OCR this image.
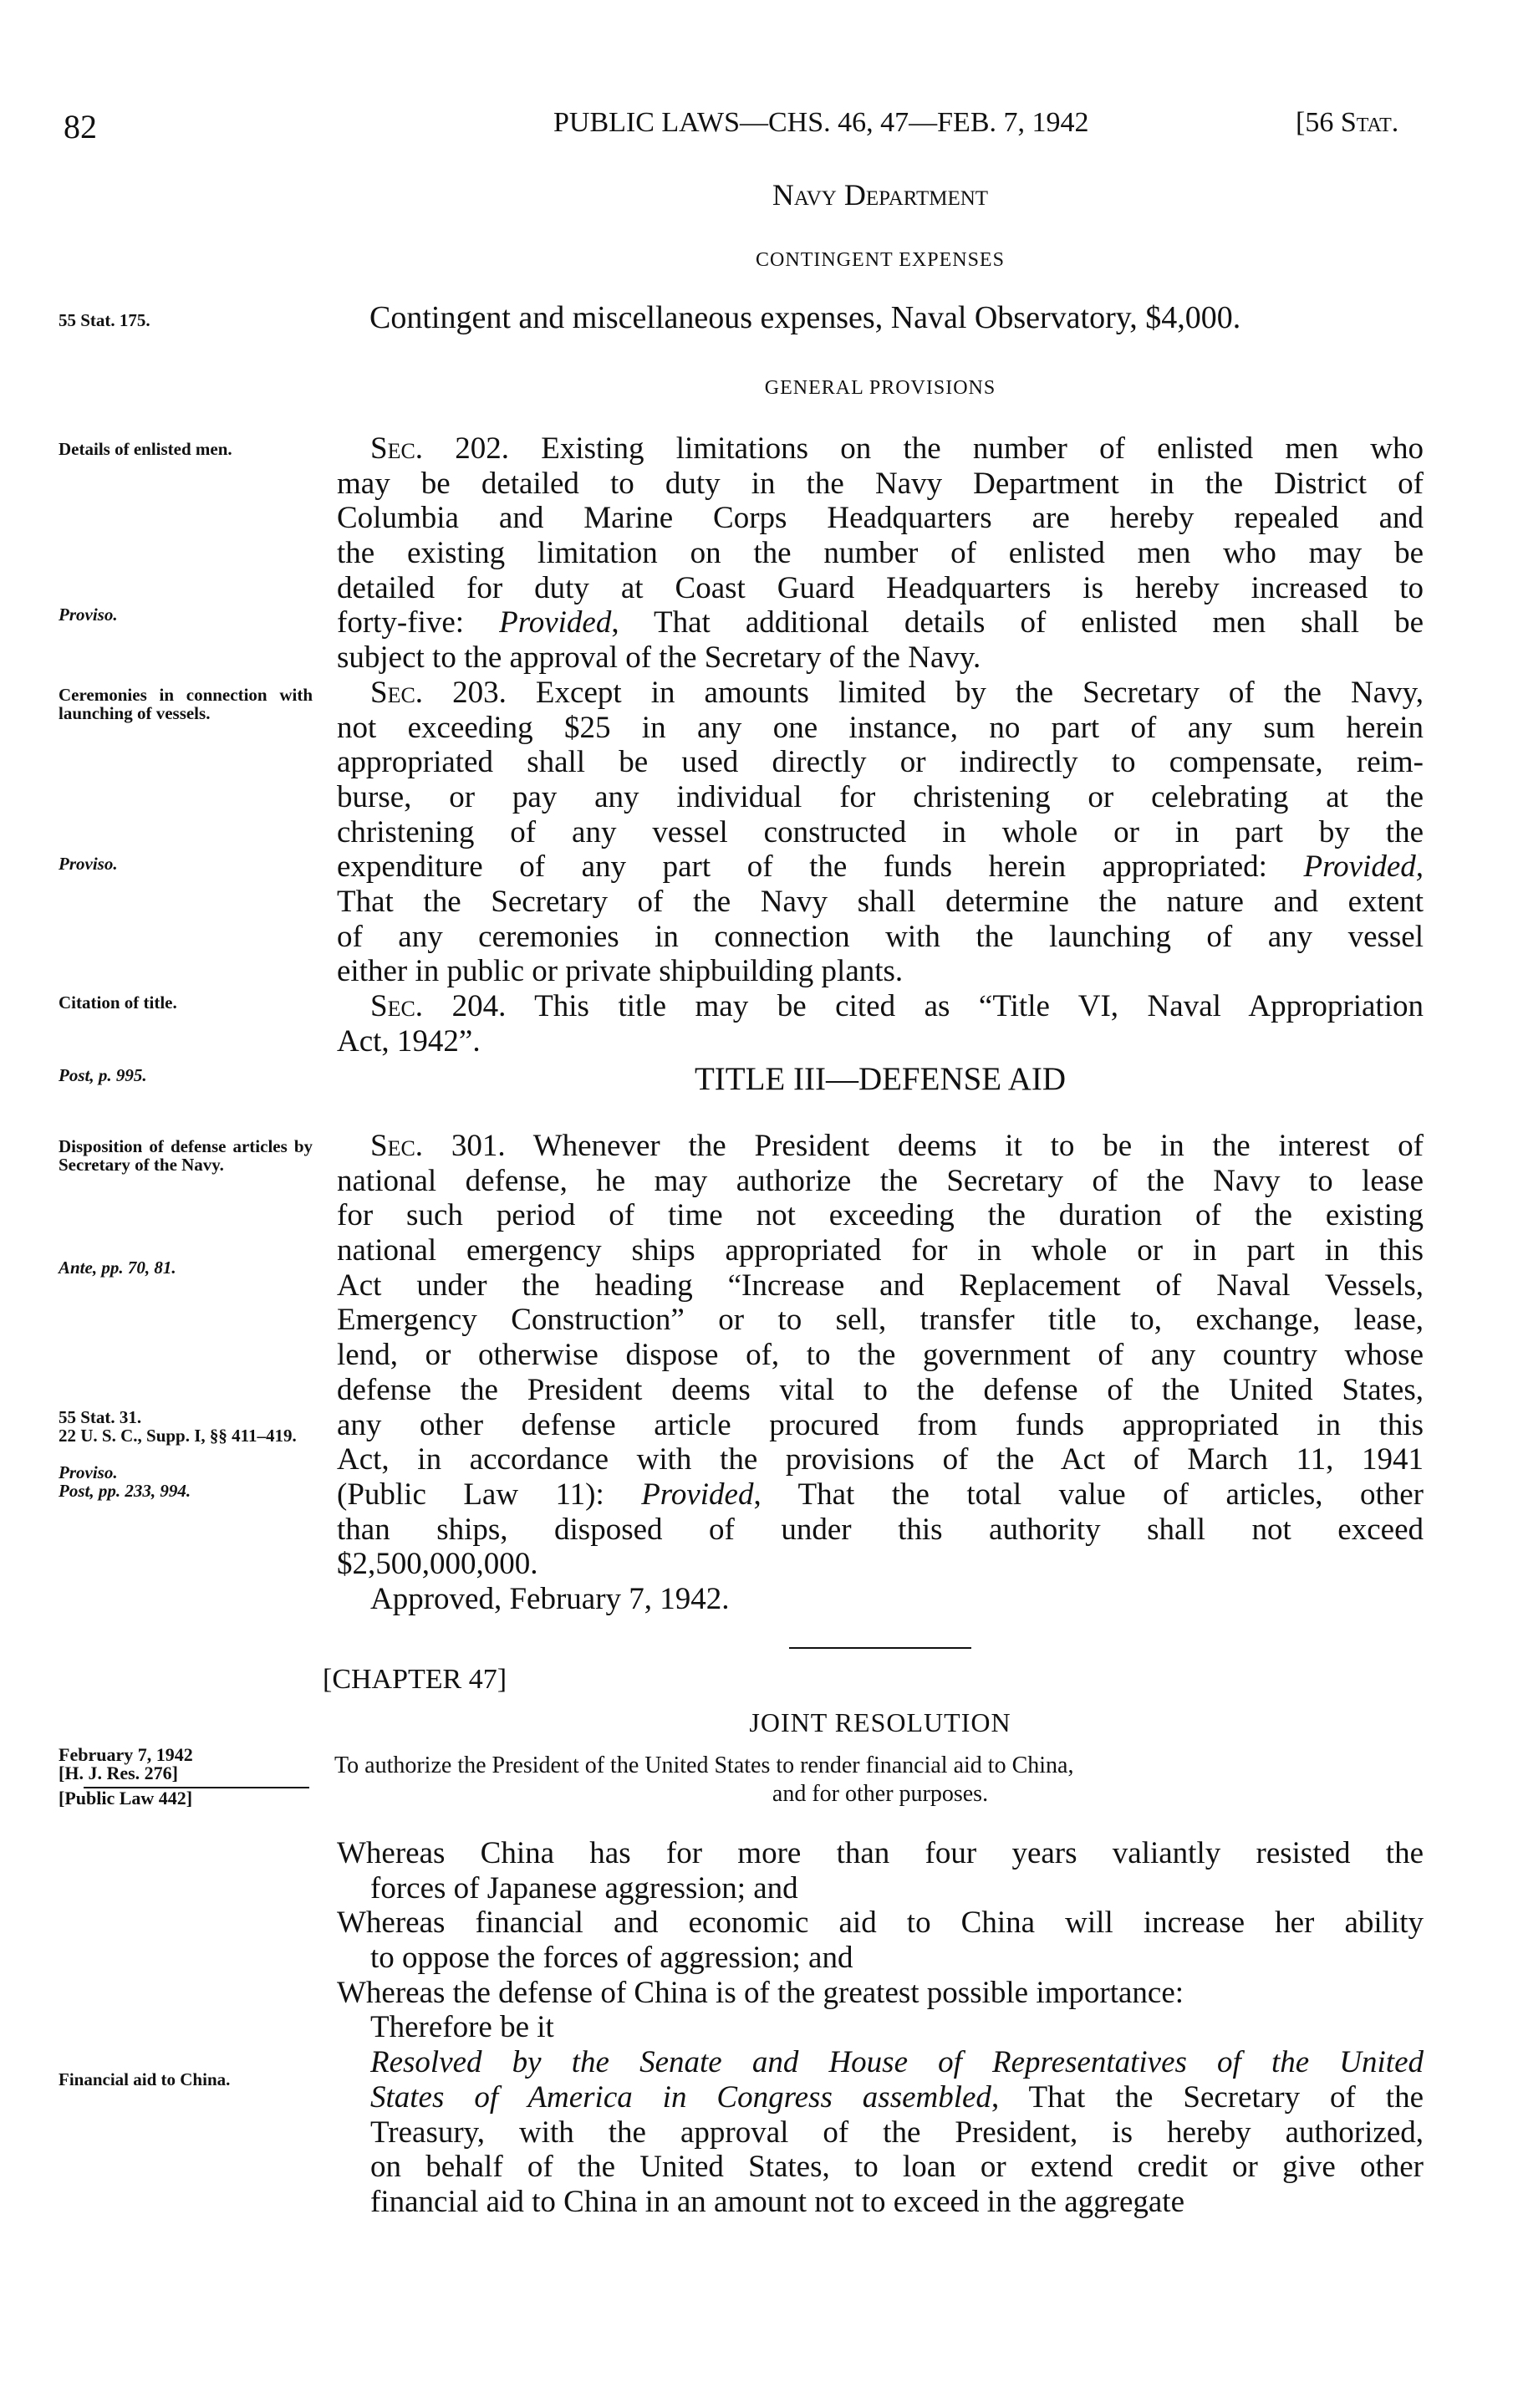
82	PUBLIC LAWS—CHS. 46, 47—FEB. 7, 1942	[56 Stat.
Navy Department
CONTINGENT EXPENSES
Contingent and miscellaneous expenses, Naval Observatory, $4,000.
GENERAL PROVISIONS
Sec. 202. Existing limitations on the number of enlisted men who
may be detailed to duty in the Navy Department in the District of
Columbia and Marine Corps Headquarters are hereby repealed and
the existing limitation on the number of enlisted men who may be
detailed for duty at Coast Guard Headquarters is hereby increased to
forty-five: Provided, That additional details of enlisted men shall be
subject to the approval of the Secretary of the Navy.
Sec. 203. Except in amounts limited by the Secretary of the Navy,
not exceeding $25 in any one instance, no part of any sum herein
appropriated shall be used directly or indirectly to compensate, reim-
burse, or pay any individual for christening or celebrating at the
christening of any vessel constructed in whole or in part by the
expenditure of any part of the funds herein appropriated: Provided,
That the Secretary of the Navy shall determine the nature and extent
of any ceremonies in connection with the launching of any vessel
either in public or private shipbuilding plants.
Sec. 204. This title may be cited as “Title VI, Naval Appropriation
Act, 1942”.
TITLE III—DEFENSE AID
Sec. 301. Whenever the President deems it to be in the interest of
national defense, he may authorize the Secretary of the Navy to lease
for such period of time not exceeding the duration of the existing
national emergency ships appropriated for in whole or in part in this
Act under the heading “Increase and Replacement of Naval Vessels,
Emergency Construction” or to sell, transfer title to, exchange, lease,
lend, or otherwise dispose of, to the government of any country whose
defense the President deems vital to the defense of the United States,
any other defense article procured from funds appropriated in this
Act, in accordance with the provisions of the Act of March 11, 1941
(Public Law 11): Provided, That the total value of articles, other
than ships, disposed of under this authority shall not exceed
$2,500,000,000.
Approved, February 7, 1942.
[CHAPTER 47]
JOINT RESOLUTION
To authorize the President of the United States to render financial aid to China,
and for other purposes.
Whereas China has for more than four years valiantly resisted the
forces of Japanese aggression; and
Whereas financial and economic aid to China will increase her ability
to oppose the forces of aggression; and
Whereas the defense of China is of the greatest possible importance:
Therefore be it
Resolved by the Senate and House of Representatives of the United
States of America in Congress assembled, That the Secretary of the
Treasury, with the approval of the President, is hereby authorized,
on behalf of the United States, to loan or extend credit or give other
financial aid to China in an amount not to exceed in the aggregate
55 Stat. 175.
Details of enlisted men.
Proviso.
Ceremonies in connection with launching of vessels.
Proviso.
Citation of title.
Post, p. 995.
Disposition of defense articles by Secretary of the Navy.
Ante, pp. 70, 81.
55 Stat. 31.
22 U. S. C., Supp. I, §§ 411–419.
Proviso.
Post, pp. 233, 994.
February 7, 1942
[H. J. Res. 276]
[Public Law 442]
Financial aid to China.
